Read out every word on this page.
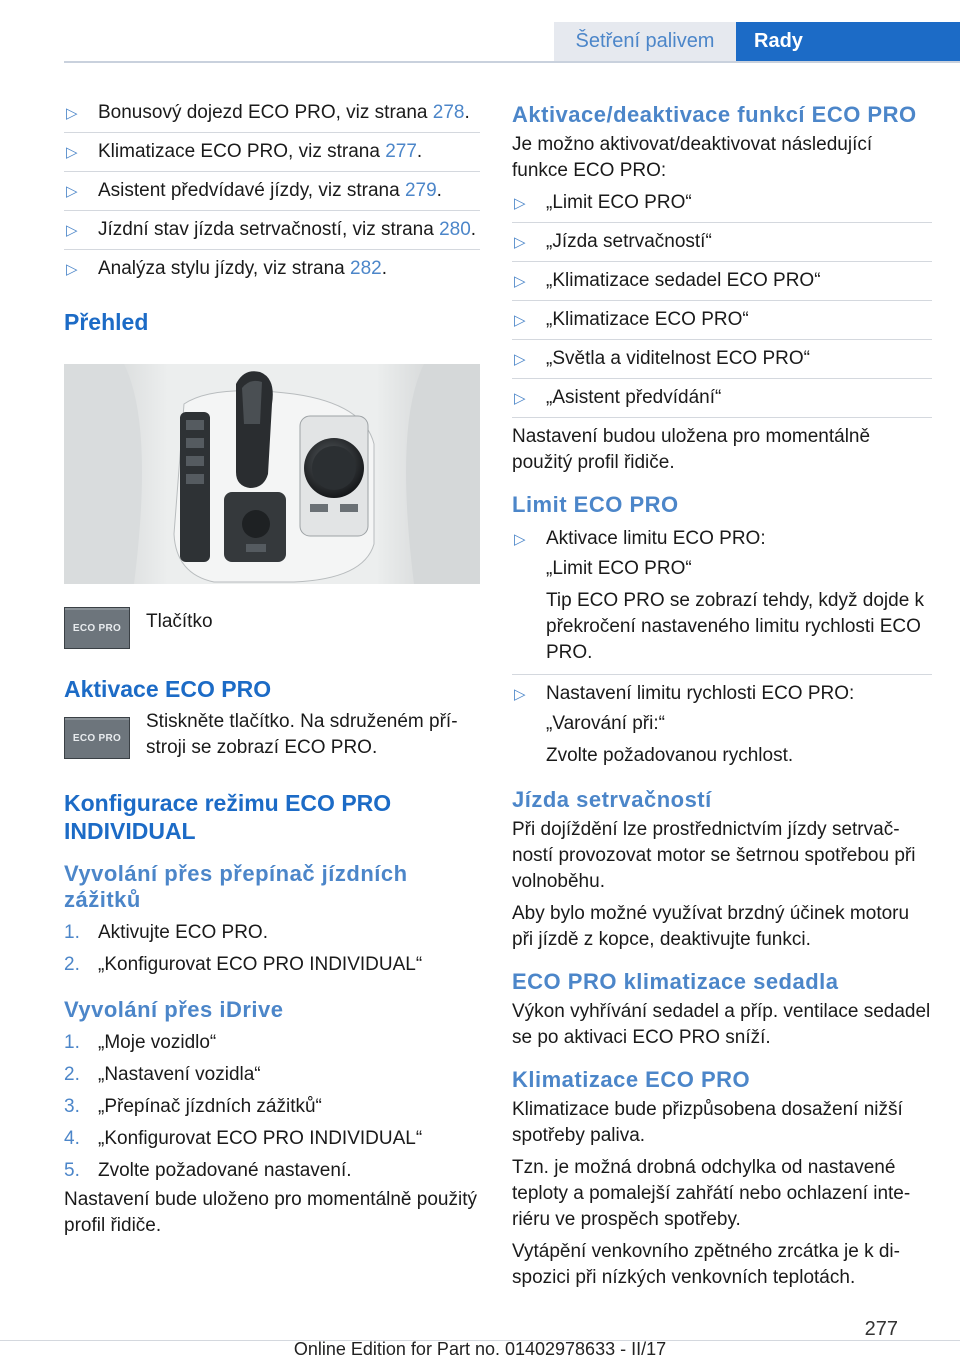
Šetření palivem	Rady
▷ Bonusový dojezd ECO PRO, viz strana 278.
▷ Klimatizace ECO PRO, viz strana 277.
▷ Asistent předvídavé jízdy, viz strana 279.
▷ Jízdní stav jízda setrvačností, viz strana 280.
▷ Analýza stylu jízdy, viz strana 282.
Přehled
ECO PRO Tlačítko
Aktivace ECO PRO
ECO PRO
Stiskněte tlačítko. Na sdruženém přístroji se zobrazí ECO PRO.
Konfigurace režimu ECO PRO INDIVIDUAL
Vyvolání přes přepínač jízdních zážitků
1. Aktivujte ECO PRO.
2. „Konfigurovat ECO PRO INDIVIDUAL“
Vyvolání přes iDrive
1. „Moje vozidlo“
2. „Nastavení vozidla“
3. „Přepínač jízdních zážitků“
4. „Konfigurovat ECO PRO INDIVIDUAL“
5. Zvolte požadované nastavení.
Nastavení bude uloženo pro momentálně použitý profil řidiče.
Aktivace/deaktivace funkcí ECO PRO
Je možno aktivovat/deaktivovat následující funkce ECO PRO:
▷ „Limit ECO PRO“
▷ „Jízda setrvačností“
▷ „Klimatizace sedadel ECO PRO“
▷ „Klimatizace ECO PRO“
▷ „Světla a viditelnost ECO PRO“
▷ „Asistent předvídání“
Nastavení budou uložena pro momentálně použitý profil řidiče.
Limit ECO PRO
▷ Aktivace limitu ECO PRO:
„Limit ECO PRO“
Tip ECO PRO se zobrazí tehdy, když dojde k překročení nastaveného limitu rychlosti ECO PRO.
▷ Nastavení limitu rychlosti ECO PRO:
„Varování při:“
Zvolte požadovanou rychlost.
Jízda setrvačností
Při dojíždění lze prostřednictvím jízdy setrvačností provozovat motor se šetrnou spotřebou při volnoběhu.
Aby bylo možné využívat brzdný účinek motoru při jízdě z kopce, deaktivujte funkci.
ECO PRO klimatizace sedadla
Výkon vyhřívání sedadel a příp. ventilace sedadel se po aktivaci ECO PRO sníží.
Klimatizace ECO PRO
Klimatizace bude přizpůsobena dosažení nižší spotřeby paliva.
Tzn. je možná drobná odchylka od nastavené teploty a pomalejší zahřátí nebo ochlazení interiéru ve prospěch spotřeby.
Vytápění venkovního zpětného zrcátka je k dispozici při nízkých venkovních teplotách.
277
Online Edition for Part no. 01402978633 - II/17
